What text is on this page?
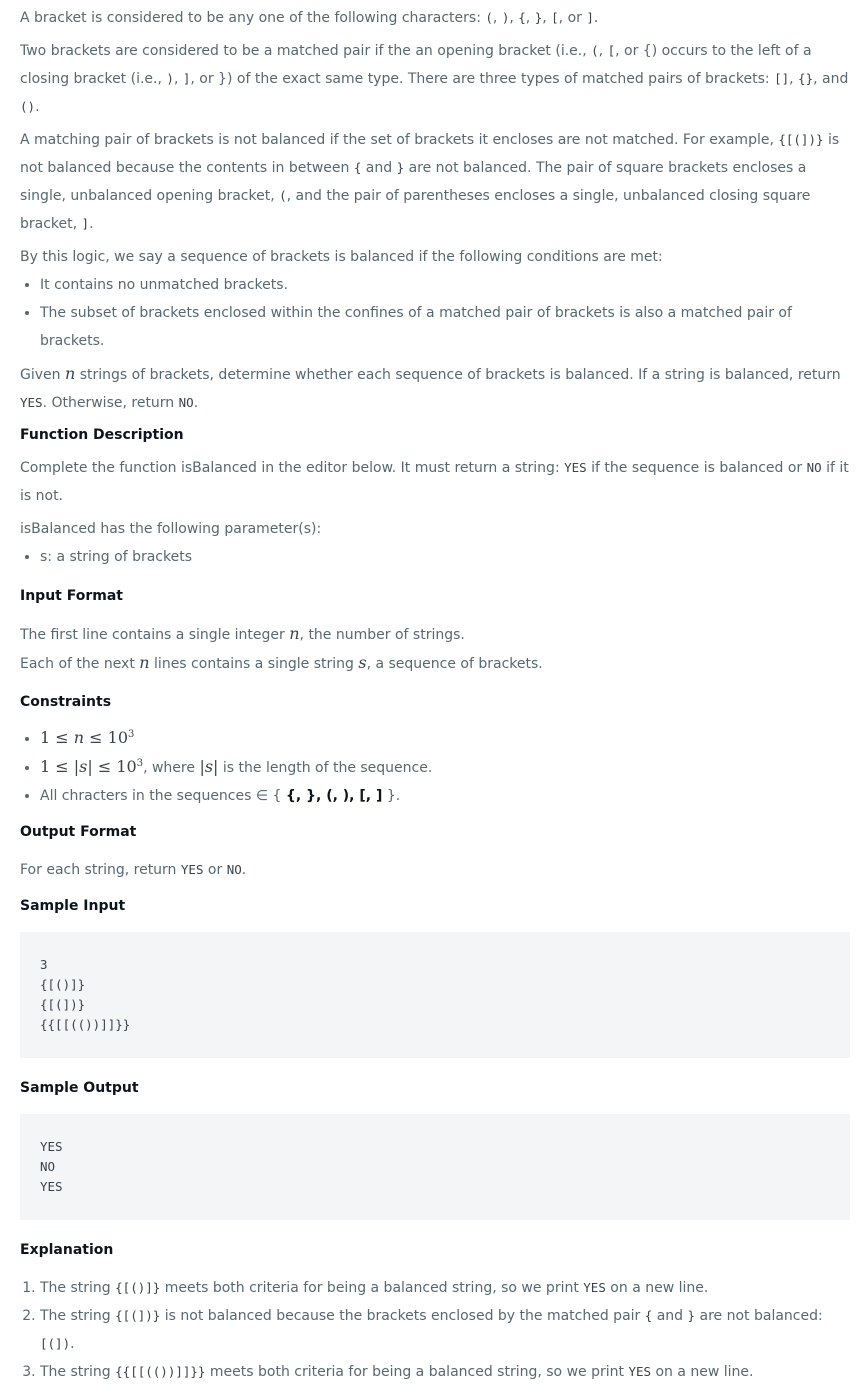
A bracket is considered to be any one of the following characters: (, ), {, }, [, or ].

Two brackets are considered to be a matched pair if the an opening bracket (i.e., (, [, or {) occurs to the left of a closing bracket (i.e., ), ], or }) of the exact same type. There are three types of matched pairs of brackets: [], {}, and ().

A matching pair of brackets is not balanced if the set of brackets it encloses are not matched. For example, {[(])} is not balanced because the contents in between { and } are not balanced. The pair of square brackets encloses a single, unbalanced opening bracket, (, and the pair of parentheses encloses a single, unbalanced closing square bracket, ].

By this logic, we say a sequence of brackets is balanced if the following conditions are met:

• It contains no unmatched brackets.
• The subset of brackets enclosed within the confines of a matched pair of brackets is also a matched pair of brackets.

Given n strings of brackets, determine whether each sequence of brackets is balanced. If a string is balanced, return YES. Otherwise, return NO.

Function Description

Complete the function isBalanced in the editor below. It must return a string: YES if the sequence is balanced or NO if it is not.

isBalanced has the following parameter(s):

• s: a string of brackets
Input Format

The first line contains a single integer n, the number of strings.

Each of the next n lines contains a single string s, a sequence of brackets.

Constraints
• $1 \le n \le 10^3$
• $1 \le |s| \le 10^3$, where |s| is the length of the sequence.
• All chracters in the sequences ∈ { {, }, (, ), [, ] }.
Output Format

For each string, return YES or NO.

Sample Input
3
{[()]}
{[(])}
{{[[(())]]}}
Sample Output
YES
NO
YES
Explanation
1. The string {[()]} meets both criteria for being a balanced string, so we print YES on a new line.
2. The string {[(])} is not balanced because the brackets enclosed by the matched pair { and } are not balanced: [(]).
3. The string {{[[(())]]}} meets both criteria for being a balanced string, so we print YES on a new line.
